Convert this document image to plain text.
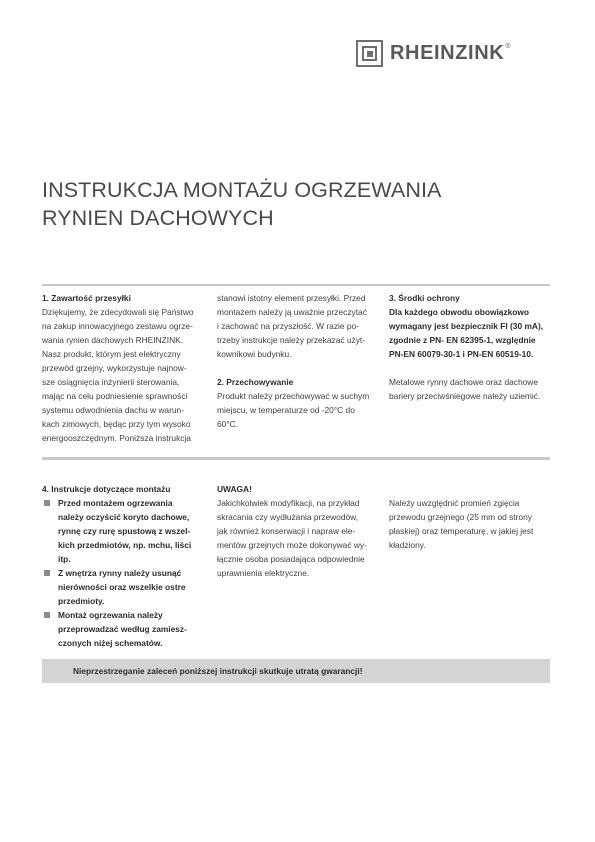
RHEINZINK ®
INSTRUKCJA MONTAŻU OGRZEWANIA
RYNIEN DACHOWYCH

1. Zawartość przesyłki

Dziękujemy, że zdecydowali się Państwo

na zakup innowacyjnego zestawu ogrze-

wania rynien dachowych RHEINZINK.

Nasz produkt, którym jest elektryczny

przewód grzejny, wykorzystuje najnow-

sze osiągnięcia inżynierii sterowania,

mając na celu podniesienie sprawności

systemu odwodnienia dachu w warun-

kach zimowych, będąc przy tym wysoko

energooszczędnym. Poniższa instrukcja

stanowi istotny element przesyłki. Przed

montażem należy ją uważnie przeczytać

i zachować na przyszłość. W razie po-

trzeby instrukcje należy przekazać użyt-

kownikowi budynku.

2. Przechowywanie

Produkt należy przechowywać w suchym

miejscu, w temperaturze od -20°C do

60°C.

3. Środki ochrony

Dla każdego obwodu obowiązkowo

wymagany jest bezpiecznik FI (30 mA),

zgodnie z PN- EN 62395-1, względnie

PN-EN 60079-30-1 i PN-EN 60519-10.

Metalowe rynny dachowe oraz dachowe

bariery przeciwśniegowe należy uziemić.

4. Instrukcje dotyczące montażu

Przed montażem ogrzewania
należy oczyścić koryto dachowe,
rynnę czy rurę spustową z wszel-
kich przedmiotów, np. mchu, liści
itp.
Z wnętrza rynny należy usunąć
nierówności oraz wszelkie ostre
przedmioty.
Montaż ogrzewania należy
przeprowadzać według zamiesz-
czonych niżej schematów.

UWAGA!

Jakichkolwiek modyfikacji, na przykład

skracania czy wydłużania przewodów,

jak również konserwacji i napraw ele-

mentów grzejnych może dokonywać wy-

łącznie osoba posiadająca odpowiednie

uprawnienia elektryczne.

Należy uwzględnić promień zgięcia

przewodu grzejnego (25 mm od strony

płaskiej) oraz temperaturę, w jakiej jest

kładziony.

Nieprzestrzeganie zaleceń poniższej instrukcji skutkuje utratą gwarancji!
